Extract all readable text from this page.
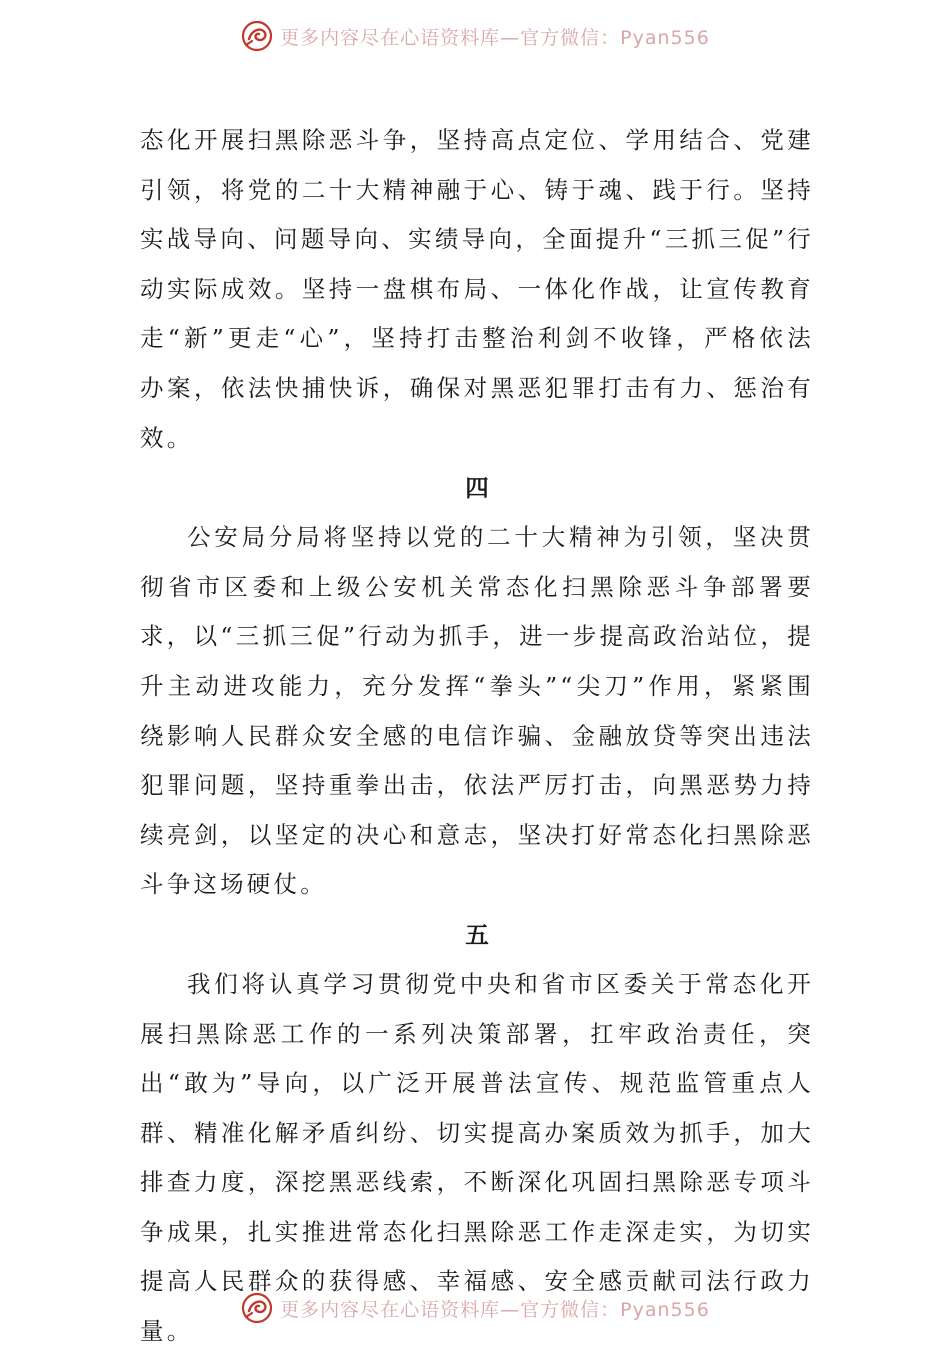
更多内容尽在心语资料库—官方微信：Pyan556

态化开展扫黑除恶斗争，坚持高点定位、学用结合、党建引领，将党的二十大精神融于心、铸于魂、践于行。坚持实战导向、问题导向、实绩导向，全面提升“三抓三促”行动实际成效。坚持一盘棋布局、一体化作战，让宣传教育走“新”更走“心”，坚持打击整治利剑不收锋，严格依法办案，依法快捕快诉，确保对黑恶犯罪打击有力、惩治有效。

四

公安局分局将坚持以党的二十大精神为引领，坚决贯彻省市区委和上级公安机关常态化扫黑除恶斗争部署要求，以“三抓三促”行动为抓手，进一步提高政治站位，提升主动进攻能力，充分发挥“拳头”“尖刀”作用，紧紧围绕影响人民群众安全感的电信诈骗、金融放贷等突出违法犯罪问题，坚持重拳出击，依法严厉打击，向黑恶势力持续亮剑，以坚定的决心和意志，坚决打好常态化扫黑除恶斗争这场硬仗。

五

我们将认真学习贯彻党中央和省市区委关于常态化开展扫黑除恶工作的一系列决策部署，扛牢政治责任，突出“敢为”导向，以广泛开展普法宣传、规范监管重点人群、精准化解矛盾纠纷、切实提高办案质效为抓手，加大排查力度，深挖黑恶线索，不断深化巩固扫黑除恶专项斗争成果，扎实推进常态化扫黑除恶工作走深走实，为切实提高人民群众的获得感、幸福感、安全感贡献司法行政力量。

更多内容尽在心语资料库—官方微信：Pyan556
